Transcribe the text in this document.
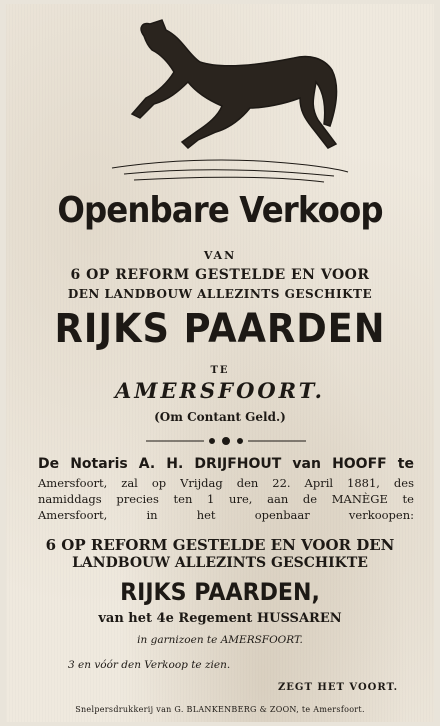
Openbare Verkoop
VAN
6 OP REFORM GESTELDE EN VOOR
DEN LANDBOUW ALLEZINTS GESCHIKTE
RIJKS PAARDEN
TE
AMERSFOORT.
(Om Contant Geld.)
De Notaris A. H. DRIJFHOUT van HOOFF te
Amersfoort, zal op Vrijdag den 22. April 1881, des
namiddags precies ten 1 ure, aan de MANÈGE te
Amersfoort, in het openbaar verkoopen:
6 OP REFORM GESTELDE EN VOOR DEN
LANDBOUW ALLEZINTS GESCHIKTE
RIJKS PAARDEN,
van het 4e Regement HUSSAREN
in garnizoen te AMERSFOORT.
3 en vóór den Verkoop te zien.
ZEGT HET VOORT.
Snelpersdrukkerij van G. BLANKENBERG & ZOON, te Amersfoort.
